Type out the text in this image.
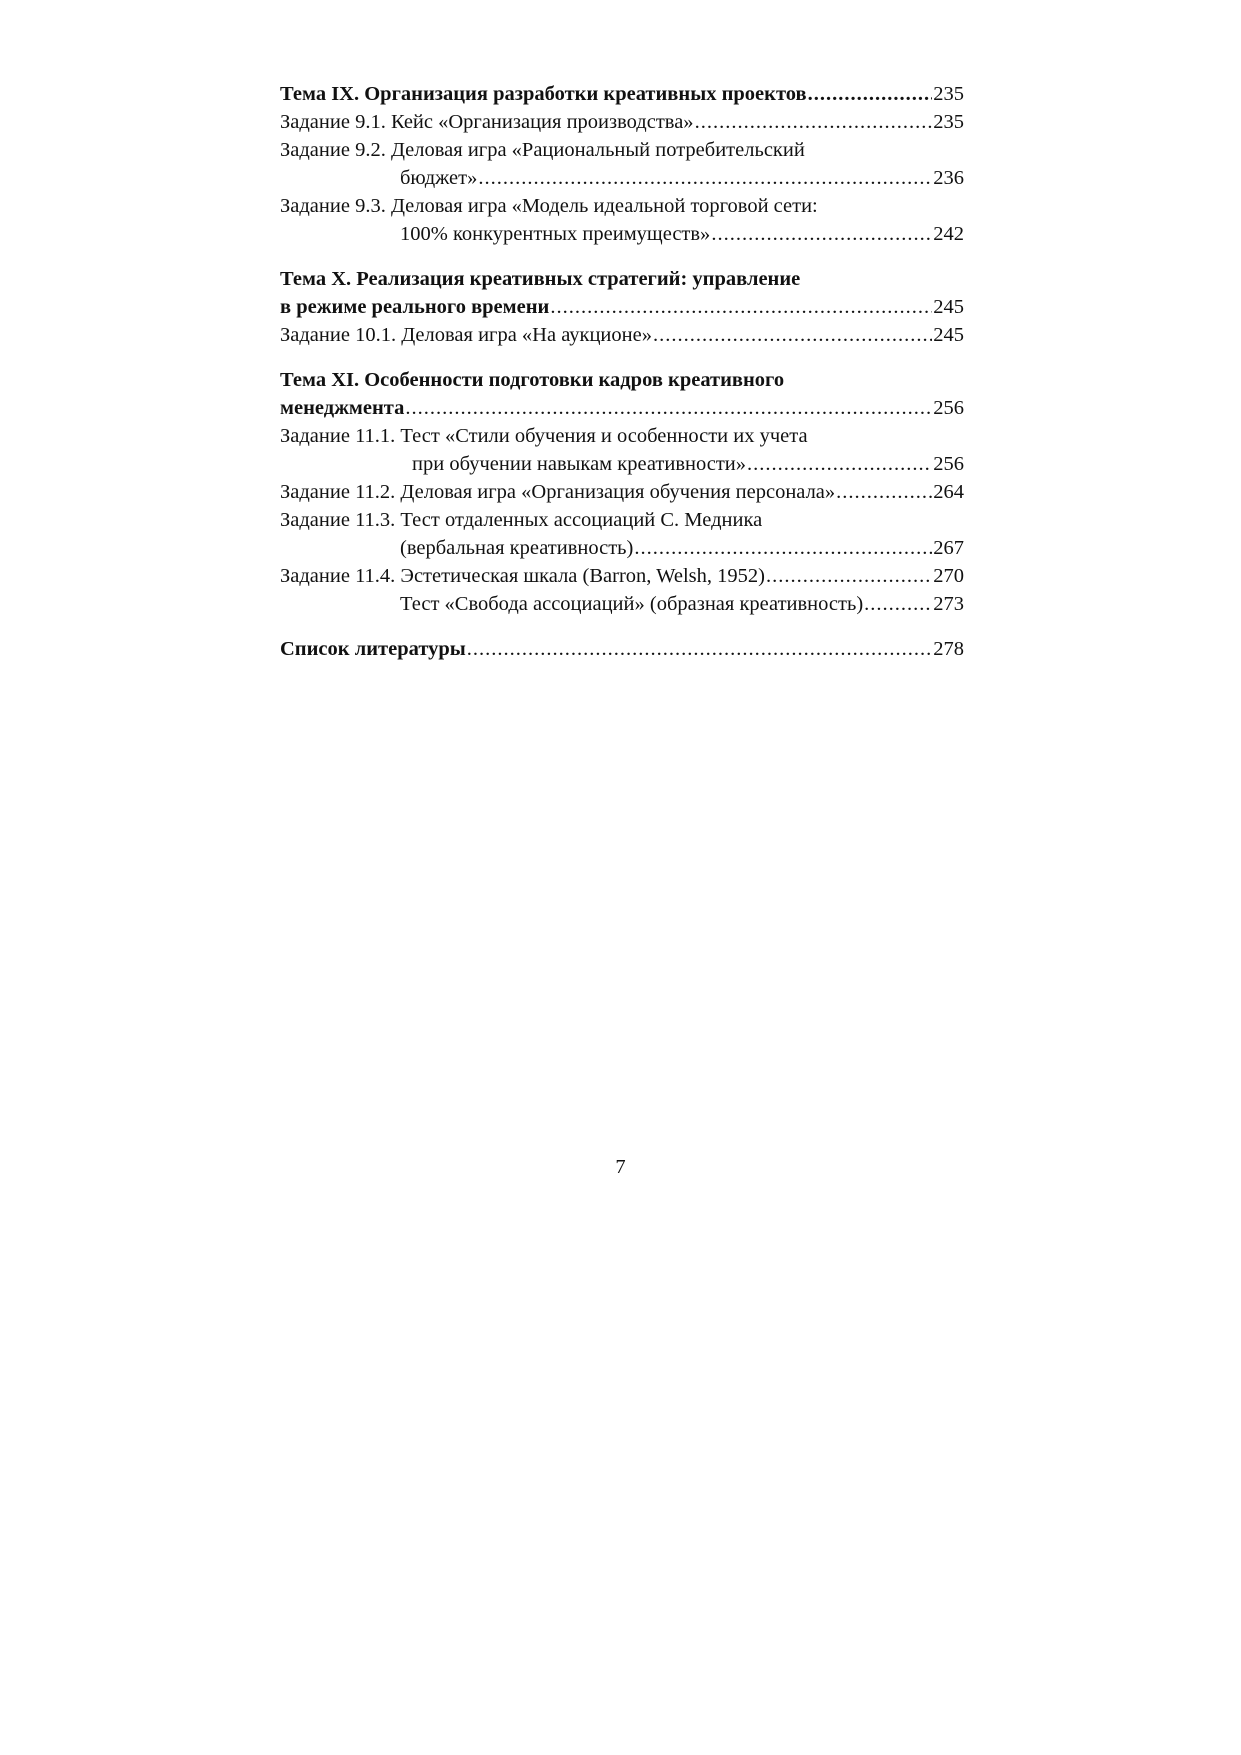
Тема IX. Организация разработки креативных проектов .....	235
Задание 9.1. Кейс «Организация производства» .....	235
Задание 9.2. Деловая игра «Рациональный потребительский
бюджет» .....	236
Задание 9.3. Деловая игра «Модель идеальной торговой сети:
100% конкурентных преимуществ» .....	242
Тема X. Реализация креативных стратегий: управление
в режиме реального времени .....	245
Задание 10.1. Деловая игра «На аукционе» .....	245
Тема XI. Особенности подготовки кадров креативного
менеджмента .....	256
Задание 11.1. Тест «Стили обучения и особенности их учета
при обучении навыкам креативности» .....	256
Задание 11.2. Деловая игра «Организация обучения персонала» .....	264
Задание 11.3. Тест отдаленных ассоциаций С. Медника
(вербальная креативность) .....	267
Задание 11.4. Эстетическая шкала (Barron, Welsh, 1952) .....	270
Тест «Свобода ассоциаций» (образная креативность) .....	273
Список литературы .....	278
7
